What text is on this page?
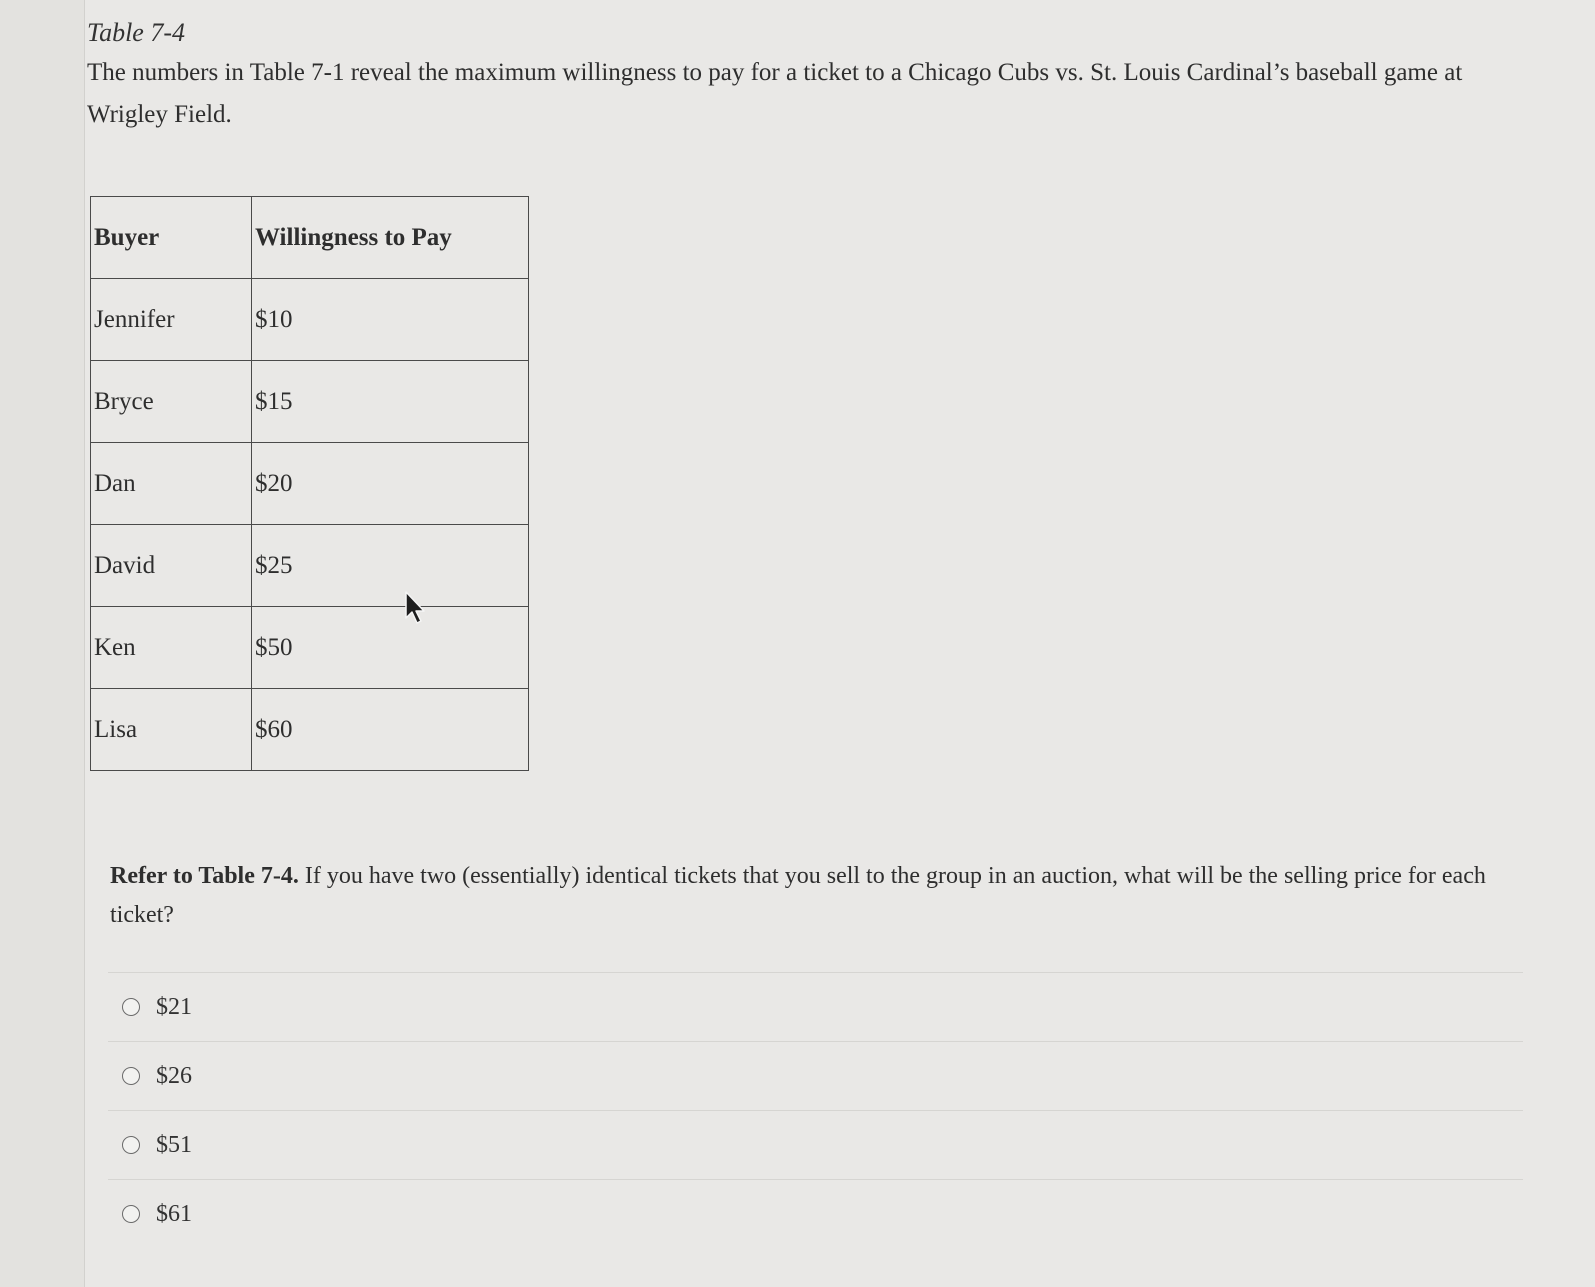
Table 7-4

The numbers in Table 7-1 reveal the maximum willingness to pay for a ticket to a Chicago Cubs vs. St. Louis Cardinal’s baseball game at Wrigley Field.

Buyer	Willingness to Pay
Jennifer	$10
Bryce	$15
Dan	$20
David	$25
Ken	$50
Lisa	$60

Refer to Table 7-4. If you have two (essentially) identical tickets that you sell to the group in an auction, what will be the selling price for each ticket?

$21
$26
$51
$61
